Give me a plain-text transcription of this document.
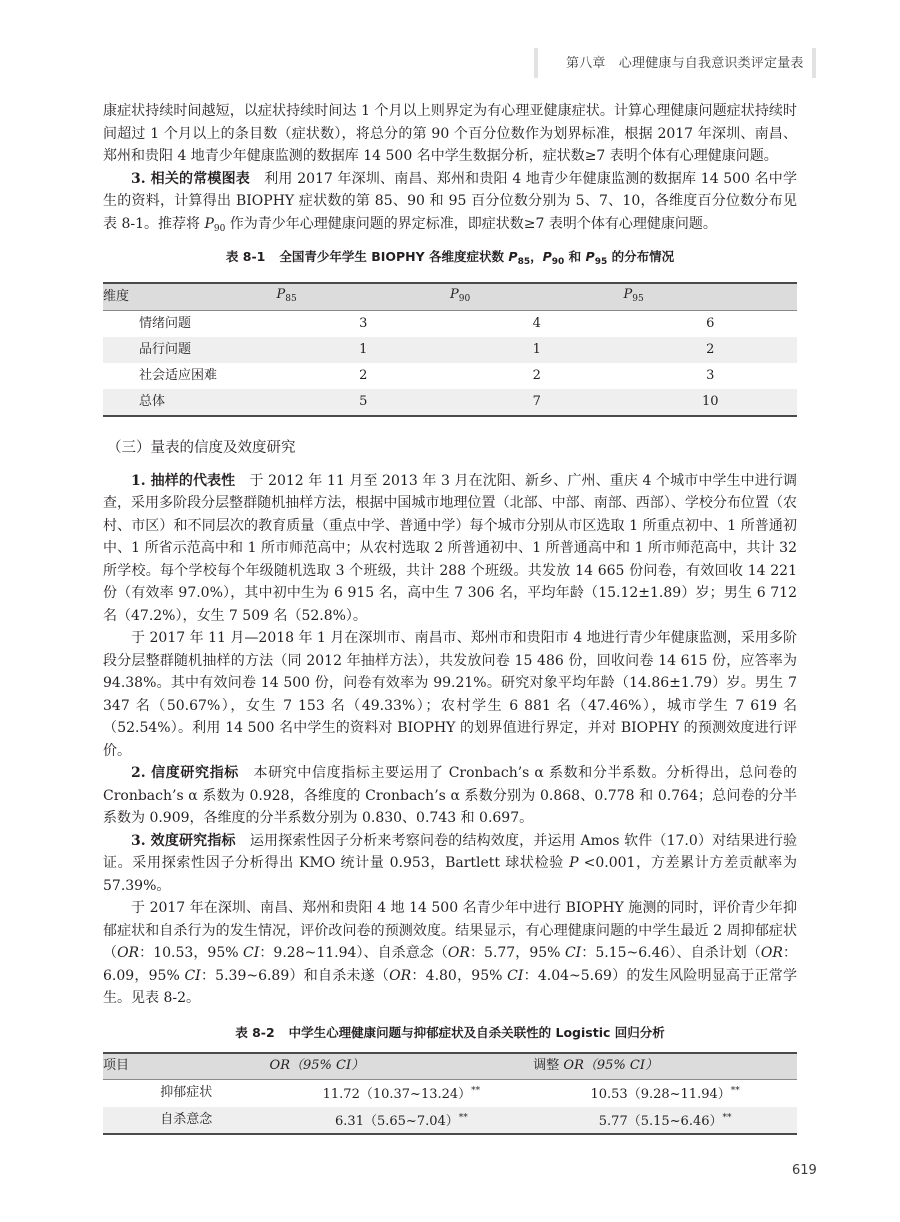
第八章　心理健康与自我意识类评定量表

康症状持续时间越短，以症状持续时间达 1 个月以上则界定为有心理亚健康症状。计算心理健康问题症状持续时间超过 1 个月以上的条目数（症状数），将总分的第 90 个百分位数作为划界标准，根据 2017 年深圳、南昌、郑州和贵阳 4 地青少年健康监测的数据库 14 500 名中学生数据分析，症状数≥7 表明个体有心理健康问题。

3. 相关的常模图表　利用 2017 年深圳、南昌、郑州和贵阳 4 地青少年健康监测的数据库 14 500 名中学生的资料，计算得出 BIOPHY 症状数的第 85、90 和 95 百分位数分别为 5、7、10，各维度百分位数分布见表 8-1。推荐将 $P_{90}$ 作为青少年心理健康问题的界定标准，即症状数≥7 表明个体有心理健康问题。

表 8-1 全国青少年学生 BIOPHY 各维度症状数 $P_{85}$，$P_{90}$ 和 $P_{95}$ 的分布情况
维度	$P_{85}$	$P_{90}$	$P_{95}$
情绪问题	3	4	6
品行问题	1	1	2
社会适应困难	2	2	3
总体	5	7	10
（三）量表的信度及效度研究

1. 抽样的代表性　于 2012 年 11 月至 2013 年 3 月在沈阳、新乡、广州、重庆 4 个城市中学生中进行调查，采用多阶段分层整群随机抽样方法，根据中国城市地理位置（北部、中部、南部、西部）、学校分布位置（农村、市区）和不同层次的教育质量（重点中学、普通中学）每个城市分别从市区选取 1 所重点初中、1 所普通初中、1 所省示范高中和 1 所市师范高中；从农村选取 2 所普通初中、1 所普通高中和 1 所市师范高中，共计 32 所学校。每个学校每个年级随机选取 3 个班级，共计 288 个班级。共发放 14 665 份问卷，有效回收 14 221 份（有效率 97.0%），其中初中生为 6 915 名，高中生 7 306 名，平均年龄（15.12±1.89）岁；男生 6 712 名（47.2%），女生 7 509 名（52.8%）。

于 2017 年 11 月—2018 年 1 月在深圳市、南昌市、郑州市和贵阳市 4 地进行青少年健康监测，采用多阶段分层整群随机抽样的方法（同 2012 年抽样方法），共发放问卷 15 486 份，回收问卷 14 615 份，应答率为 94.38%。其中有效问卷 14 500 份，问卷有效率为 99.21%。研究对象平均年龄（14.86±1.79）岁。男生 7 347 名（50.67%），女生 7 153 名（49.33%）；农村学生 6 881 名（47.46%），城市学生 7 619 名（52.54%）。利用 14 500 名中学生的资料对 BIOPHY 的划界值进行界定，并对 BIOPHY 的预测效度进行评价。

2. 信度研究指标　本研究中信度指标主要运用了 Cronbach’s α 系数和分半系数。分析得出，总问卷的 Cronbach’s α 系数为 0.928，各维度的 Cronbach’s α 系数分别为 0.868、0.778 和 0.764；总问卷的分半系数为 0.909，各维度的分半系数分别为 0.830、0.743 和 0.697。

3. 效度研究指标　运用探索性因子分析来考察问卷的结构效度，并运用 Amos 软件（17.0）对结果进行验证。采用探索性因子分析得出 KMO 统计量 0.953，Bartlett 球状检验 P <0.001，方差累计方差贡献率为 57.39%。

于 2017 年在深圳、南昌、郑州和贵阳 4 地 14 500 名青少年中进行 BIOPHY 施测的同时，评价青少年抑郁症状和自杀行为的发生情况，评价改问卷的预测效度。结果显示，有心理健康问题的中学生最近 2 周抑郁症状（OR：10.53，95% CI：9.28~11.94）、自杀意念（OR：5.77，95% CI：5.15~6.46）、自杀计划（OR：6.09，95% CI：5.39~6.89）和自杀未遂（OR：4.80，95% CI：4.04~5.69）的发生风险明显高于正常学生。见表 8-2。

表 8-2 中学生心理健康问题与抑郁症状及自杀关联性的 Logistic 回归分析
项目	OR（95% CI）	调整 OR（95% CI）
抑郁症状	11.72（10.37~13.24）**	10.53（9.28~11.94）**
自杀意念	6.31（5.65~7.04）**	5.77（5.15~6.46）**
619
